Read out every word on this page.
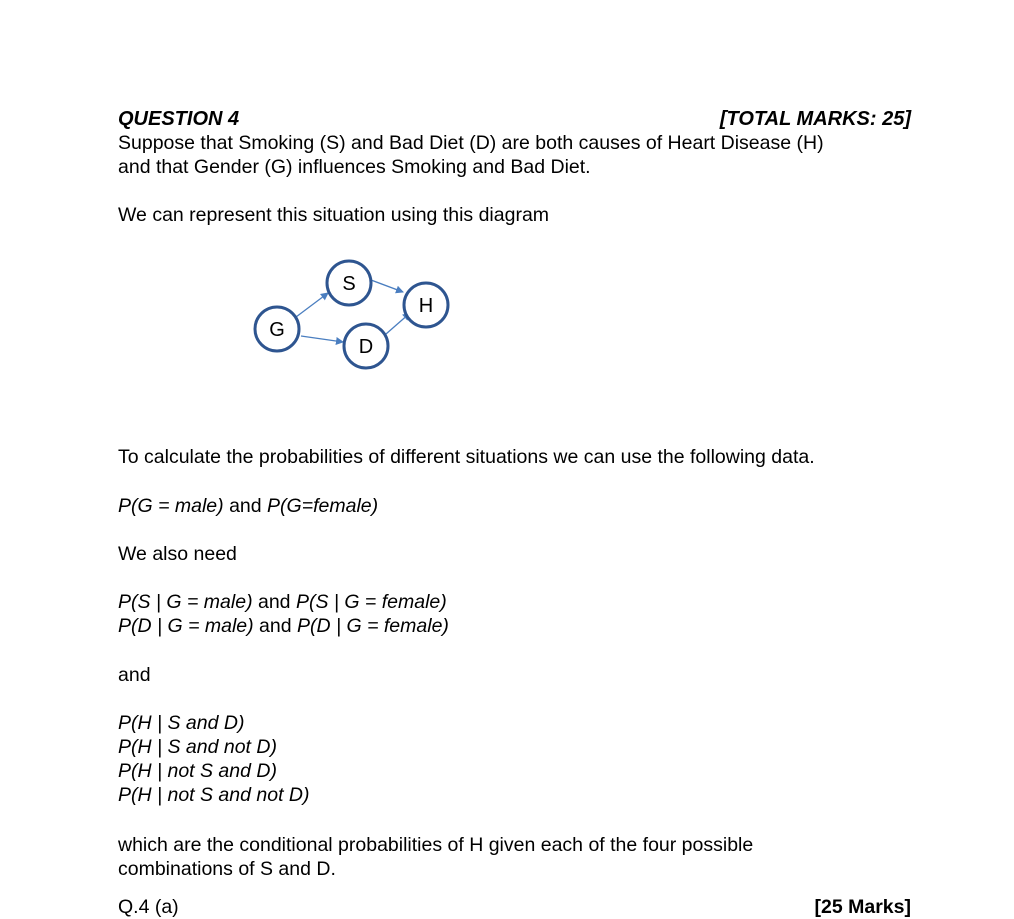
QUESTION 4	[TOTAL MARKS: 25]
Suppose that Smoking (S) and Bad Diet (D) are both causes of Heart Disease (H)
and that Gender (G) influences Smoking and Bad Diet.
We can represent this situation using this diagram
G
S
D
H
To calculate the probabilities of different situations we can use the following data.
P(G = male) and P(G=female)
We also need
P(S | G = male) and P(S | G = female)
P(D | G = male) and P(D | G = female)
and
P(H | S and D)
P(H | S and not D)
P(H | not S and D)
P(H | not S and not D)
which are the conditional probabilities of H given each of the four possible
combinations of S and D.
Q.4 (a)	[25 Marks]
